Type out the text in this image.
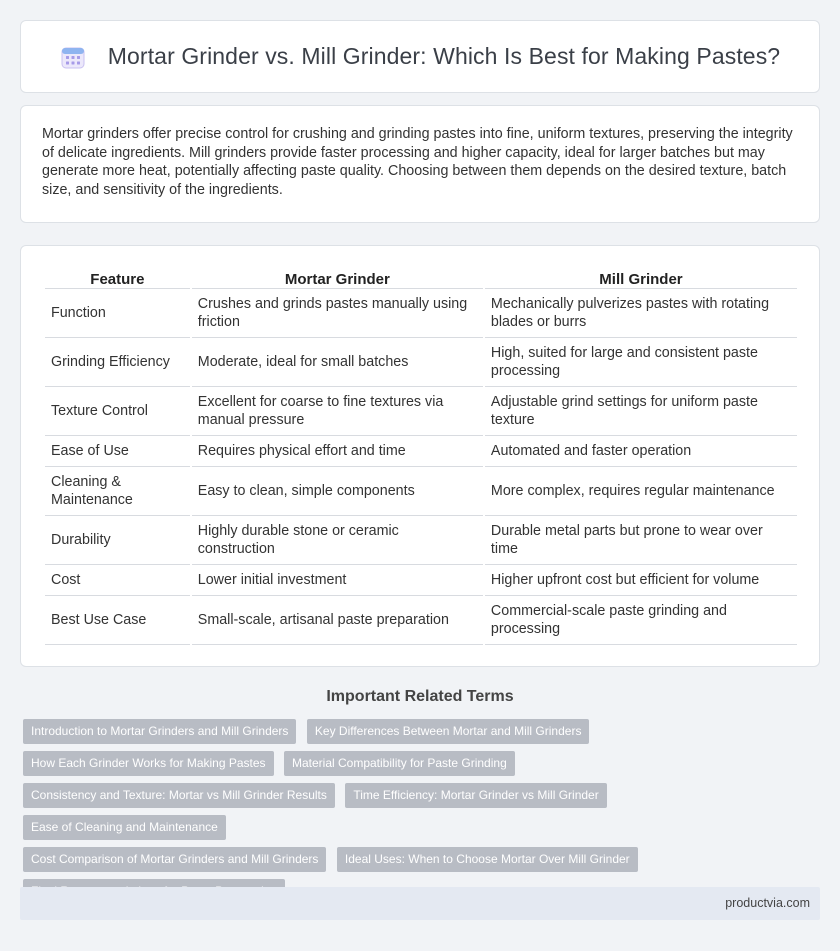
Mortar Grinder vs. Mill Grinder: Which Is Best for Making Pastes?

Mortar grinders offer precise control for crushing and grinding pastes into fine, uniform textures, preserving the integrity of delicate ingredients. Mill grinders provide faster processing and higher capacity, ideal for larger batches but may generate more heat, potentially affecting paste quality. Choosing between them depends on the desired texture, batch size, and sensitivity of the ingredients.

Feature	Mortar Grinder	Mill Grinder
Function	Crushes and grinds pastes manually using friction	Mechanically pulverizes pastes with rotating blades or burrs
Grinding Efficiency	Moderate, ideal for small batches	High, suited for large and consistent paste processing
Texture Control	Excellent for coarse to fine textures via manual pressure	Adjustable grind settings for uniform paste texture
Ease of Use	Requires physical effort and time	Automated and faster operation
Cleaning & Maintenance	Easy to clean, simple components	More complex, requires regular maintenance
Durability	Highly durable stone or ceramic construction	Durable metal parts but prone to wear over time
Cost	Lower initial investment	Higher upfront cost but efficient for volume
Best Use Case	Small-scale, artisanal paste preparation	Commercial-scale paste grinding and processing
Important Related Terms
Introduction to Mortar Grinders and Mill Grinders Key Differences Between Mortar and Mill Grinders
How Each Grinder Works for Making Pastes Material Compatibility for Paste Grinding
Consistency and Texture: Mortar vs Mill Grinder Results Time Efficiency: Mortar Grinder vs Mill Grinder Ease of Cleaning and Maintenance
Cost Comparison of Mortar Grinders and Mill Grinders Ideal Uses: When to Choose Mortar Over Mill Grinder

productvia.com
